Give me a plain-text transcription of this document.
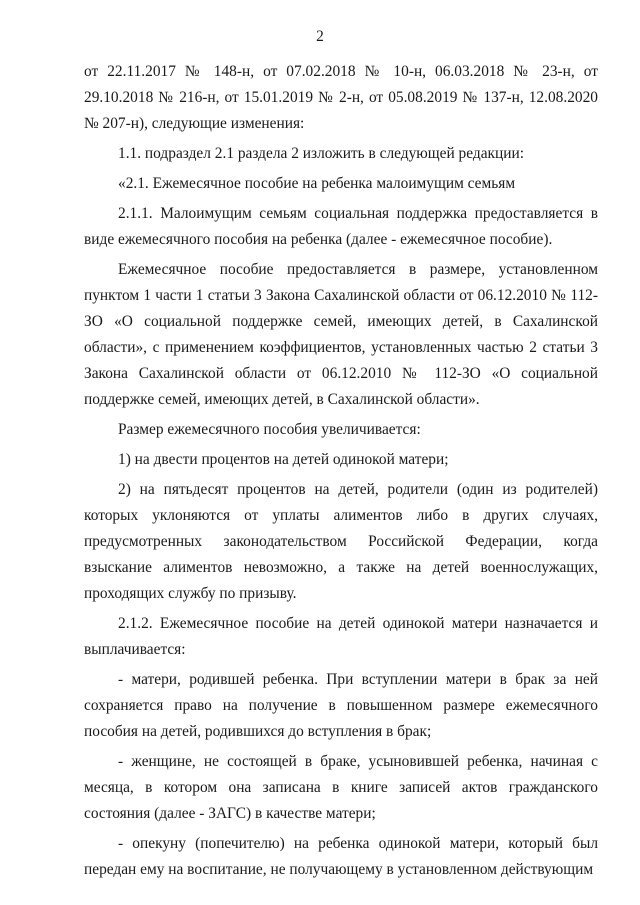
2

от 22.11.2017 № 148-н, от 07.02.2018 № 10-н, 06.03.2018 № 23-н, от 29.10.2018 № 216-н, от 15.01.2019 № 2-н, от 05.08.2019 № 137-н, 12.08.2020 № 207-н), следующие изменения:

1.1. подраздел 2.1 раздела 2 изложить в следующей редакции:

«2.1. Ежемесячное пособие на ребенка малоимущим семьям

2.1.1. Малоимущим семьям социальная поддержка предоставляется в виде ежемесячного пособия на ребенка (далее - ежемесячное пособие).

Ежемесячное пособие предоставляется в размере, установленном пунктом 1 части 1 статьи 3 Закона Сахалинской области от 06.12.2010 № 112-ЗО «О социальной поддержке семей, имеющих детей, в Сахалинской области», с применением коэффициентов, установленных частью 2 статьи 3 Закона Сахалинской области от 06.12.2010 № 112-ЗО «О социальной поддержке семей, имеющих детей, в Сахалинской области».

Размер ежемесячного пособия увеличивается:

1) на двести процентов на детей одинокой матери;

2) на пятьдесят процентов на детей, родители (один из родителей) которых уклоняются от уплаты алиментов либо в других случаях, предусмотренных законодательством Российской Федерации, когда взыскание алиментов невозможно, а также на детей военнослужащих, проходящих службу по призыву.

2.1.2. Ежемесячное пособие на детей одинокой матери назначается и выплачивается:

- матери, родившей ребенка. При вступлении матери в брак за ней сохраняется право на получение в повышенном размере ежемесячного пособия на детей, родившихся до вступления в брак;

- женщине, не состоящей в браке, усыновившей ребенка, начиная с месяца, в котором она записана в книге записей актов гражданского состояния (далее - ЗАГС) в качестве матери;

- опекуну (попечителю) на ребенка одинокой матери, который был передан ему на воспитание, не получающему в установленном действующим
